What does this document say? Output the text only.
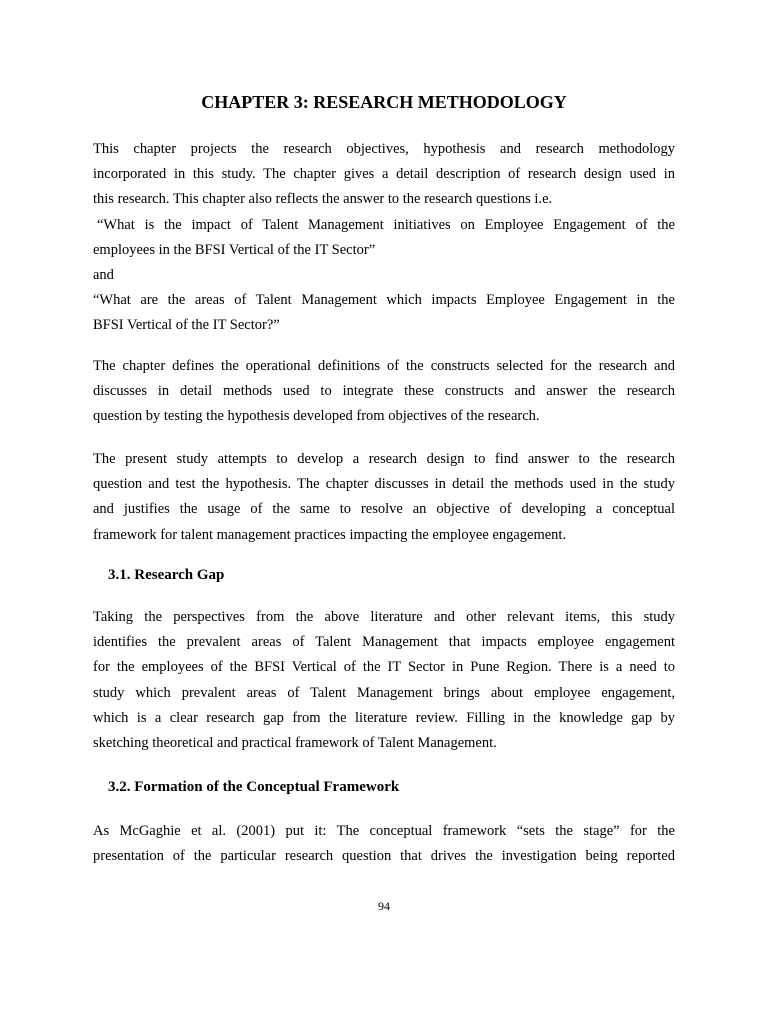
CHAPTER 3: RESEARCH METHODOLOGY
This chapter projects the research objectives, hypothesis and research methodology
incorporated in this study. The chapter gives a detail description of research design used in
this research. This chapter also reflects the answer to the research questions i.e.
“What is the impact of Talent Management initiatives on Employee Engagement of the
employees in the BFSI Vertical of the IT Sector”
and
“What are the areas of Talent Management which impacts Employee Engagement in the
BFSI Vertical of the IT Sector?”
The chapter defines the operational definitions of the constructs selected for the research and
discusses in detail methods used to integrate these constructs and answer the research
question by testing the hypothesis developed from objectives of the research.
The present study attempts to develop a research design to find answer to the research
question and test the hypothesis. The chapter discusses in detail the methods used in the study
and justifies the usage of the same to resolve an objective of developing a conceptual
framework for talent management practices impacting the employee engagement.
3.1. Research Gap
Taking the perspectives from the above literature and other relevant items, this study
identifies the prevalent areas of Talent Management that impacts employee engagement
for the employees of the BFSI Vertical of the IT Sector in Pune Region. There is a need to
study which prevalent areas of Talent Management brings about employee engagement,
which is a clear research gap from the literature review. Filling in the knowledge gap by
sketching theoretical and practical framework of Talent Management.
3.2. Formation of the Conceptual Framework
As McGaghie et al. (2001) put it: The conceptual framework “sets the stage” for the
presentation of the particular research question that drives the investigation being reported
94
